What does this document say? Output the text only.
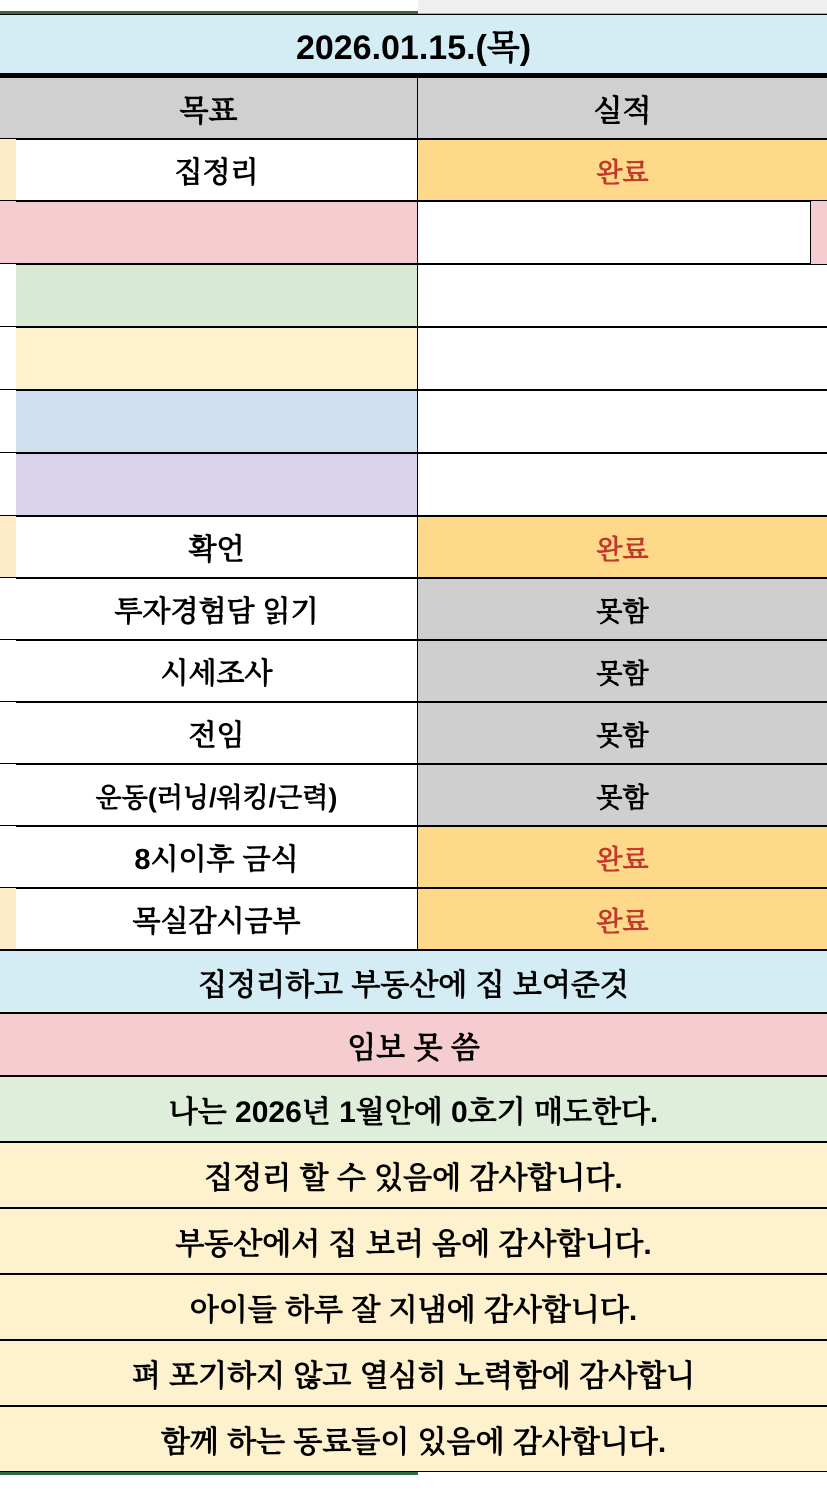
2026.01.15.(목)
목표	실적
집정리	완료
확언	완료
투자경험담 읽기	못함
시세조사	못함
전임	못함
운동(러닝/워킹/근력)	못함
8시이후 금식	완료
목실감시금부	완료
집정리하고 부동산에 집 보여준것
임보 못 씀
나는 2026년 1월안에 0호기 매도한다.
집정리 할 수 있음에 감사합니다.
부동산에서 집 보러 옴에 감사합니다.
아이들 하루 잘 지냄에 감사합니다.
펴 포기하지 않고 열심히 노력함에 감사합니
함께 하는 동료들이 있음에 감사합니다.
